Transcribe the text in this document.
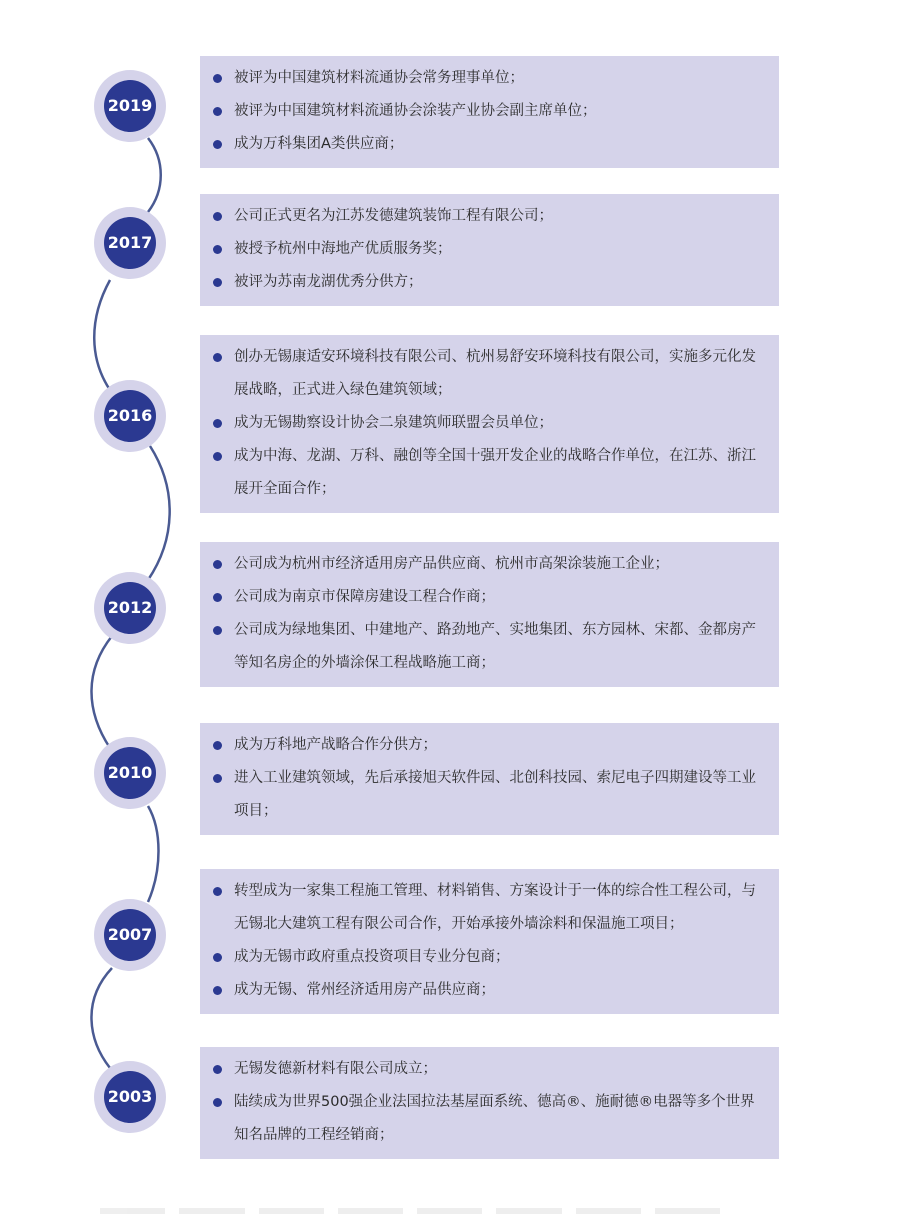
2019
被评为中国建筑材料流通协会常务理事单位；
被评为中国建筑材料流通协会涂装产业协会副主席单位；
成为万科集团A类供应商；
2017
公司正式更名为江苏发德建筑装饰工程有限公司；
被授予杭州中海地产优质服务奖；
被评为苏南龙湖优秀分供方；
2016
创办无锡康适安环境科技有限公司、杭州易舒安环境科技有限公司，实施多元化发展战略，正式进入绿色建筑领域；
成为无锡勘察设计协会二泉建筑师联盟会员单位；
成为中海、龙湖、万科、融创等全国十强开发企业的战略合作单位，在江苏、浙江展开全面合作；
2012
公司成为杭州市经济适用房产品供应商、杭州市高架涂装施工企业；
公司成为南京市保障房建设工程合作商；
公司成为绿地集团、中建地产、路劲地产、实地集团、东方园林、宋都、金都房产等知名房企的外墙涂保工程战略施工商；
2010
成为万科地产战略合作分供方；
进入工业建筑领域，先后承接旭天软件园、北创科技园、索尼电子四期建设等工业项目；
2007
转型成为一家集工程施工管理、材料销售、方案设计于一体的综合性工程公司，与无锡北大建筑工程有限公司合作，开始承接外墙涂料和保温施工项目；
成为无锡市政府重点投资项目专业分包商；
成为无锡、常州经济适用房产品供应商；
2003
无锡发德新材料有限公司成立；
陆续成为世界500强企业法国拉法基屋面系统、德高®、施耐德®电器等多个世界知名品牌的工程经销商；
